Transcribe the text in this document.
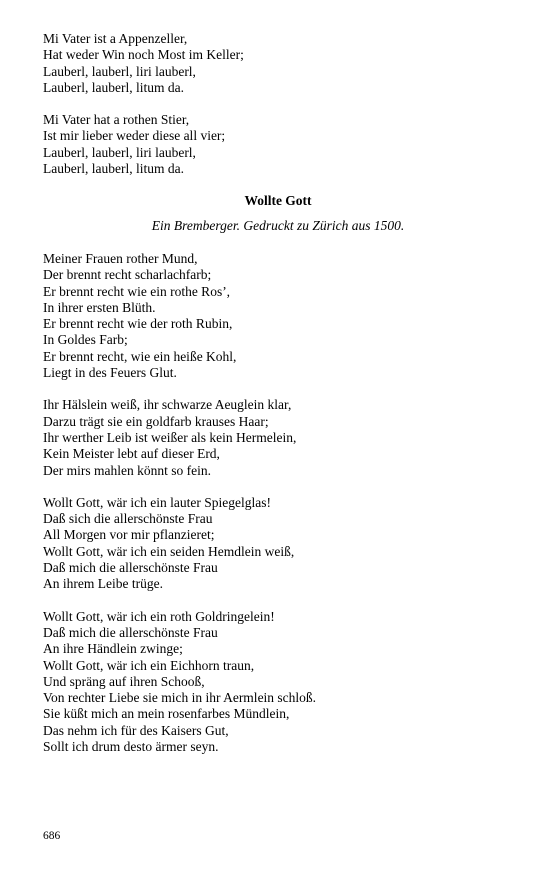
Mi Vater ist a Appenzeller,
Hat weder Win noch Most im Keller;
Lauberl, lauberl, liri lauberl,
Lauberl, lauberl, litum da.
Mi Vater hat a rothen Stier,
Ist mir lieber weder diese all vier;
Lauberl, lauberl, liri lauberl,
Lauberl, lauberl, litum da.
Wollte Gott
Ein Bremberger. Gedruckt zu Zürich aus 1500.
Meiner Frauen rother Mund,
Der brennt recht scharlachfarb;
Er brennt recht wie ein rothe Ros’,
In ihrer ersten Blüth.
Er brennt recht wie der roth Rubin,
In Goldes Farb;
Er brennt recht, wie ein heiße Kohl,
Liegt in des Feuers Glut.
Ihr Hälslein weiß, ihr schwarze Aeuglein klar,
Darzu trägt sie ein goldfarb krauses Haar;
Ihr werther Leib ist weißer als kein Hermelein,
Kein Meister lebt auf dieser Erd,
Der mirs mahlen könnt so fein.
Wollt Gott, wär ich ein lauter Spiegelglas!
Daß sich die allerschönste Frau
All Morgen vor mir pflanzieret;
Wollt Gott, wär ich ein seiden Hemdlein weiß,
Daß mich die allerschönste Frau
An ihrem Leibe trüge.
Wollt Gott, wär ich ein roth Goldringelein!
Daß mich die allerschönste Frau
An ihre Händlein zwinge;
Wollt Gott, wär ich ein Eichhorn traun,
Und spräng auf ihren Schooß,
Von rechter Liebe sie mich in ihr Aermlein schloß.
Sie küßt mich an mein rosenfarbes Mündlein,
Das nehm ich für des Kaisers Gut,
Sollt ich drum desto ärmer seyn.
686
